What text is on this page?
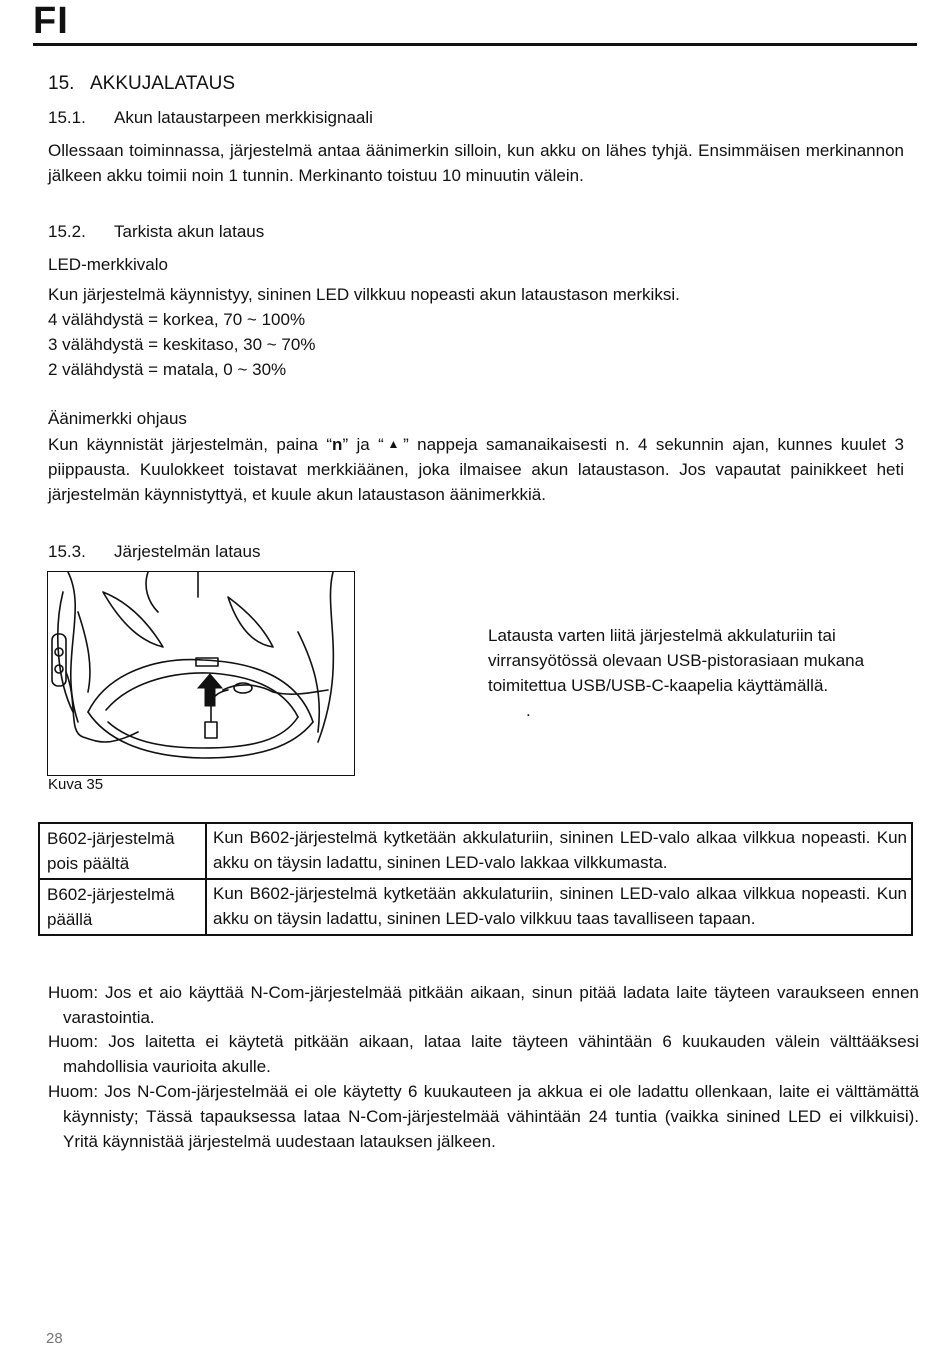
FI
15. AKKUJALATAUS
15.1. Akun lataustarpeen merkkisignaali
Ollessaan toiminnassa, järjestelmä antaa äänimerkin silloin, kun akku on lähes tyhjä. Ensimmäisen merkinannon jälkeen akku toimii noin 1 tunnin. Merkinanto toistuu 10 minuutin välein.
15.2. Tarkista akun lataus
LED-merkkivalo
Kun järjestelmä käynnistyy, sininen LED vilkkuu nopeasti akun lataustason merkiksi.
4 välähdystä = korkea, 70 ~ 100%
3 välähdystä = keskitaso, 30 ~ 70%
2 välähdystä = matala, 0 ~ 30%
Äänimerkki ohjaus
Kun käynnistät järjestelmän, paina “n” ja “▲” nappeja samanaikaisesti n. 4 sekunnin ajan, kunnes kuulet 3 piippausta. Kuulokkeet toistavat merkkiäänen, joka ilmaisee akun lataustason. Jos vapautat painikkeet heti järjestelmän käynnistyttyä, et kuule akun lataustason äänimerkkiä.
15.3. Järjestelmän lataus
Kuva 35
Latausta varten liitä järjestelmä akkulaturiin tai virransyötössä olevaan USB-pistorasiaan mukana toimitettua USB/USB-C-kaapelia käyttämällä.
.
B602-järjestelmä pois päältä	Kun B602-järjestelmä kytketään akkulaturiin, sininen LED-valo alkaa vilkkua nopeasti. Kun akku on täysin ladattu, sininen LED-valo lakkaa vilkkumasta.
B602-järjestelmä päällä	Kun B602-järjestelmä kytketään akkulaturiin, sininen LED-valo alkaa vilkkua nopeasti. Kun akku on täysin ladattu, sininen LED-valo vilkkuu taas tavalliseen tapaan.
Huom: Jos et aio käyttää N-Com-järjestelmää pitkään aikaan, sinun pitää ladata laite täyteen varaukseen ennen varastointia.
Huom: Jos laitetta ei käytetä pitkään aikaan, lataa laite täyteen vähintään 6 kuukauden välein välttääksesi mahdollisia vaurioita akulle.
Huom: Jos N-Com-järjestelmää ei ole käytetty 6 kuukauteen ja akkua ei ole ladattu ollenkaan, laite ei välttämättä käynnisty; Tässä tapauksessa lataa N-Com-järjestelmää vähintään 24 tuntia (vaikka sinined LED ei vilkkuisi). Yritä käynnistää järjestelmä uudestaan latauksen jälkeen.
28
